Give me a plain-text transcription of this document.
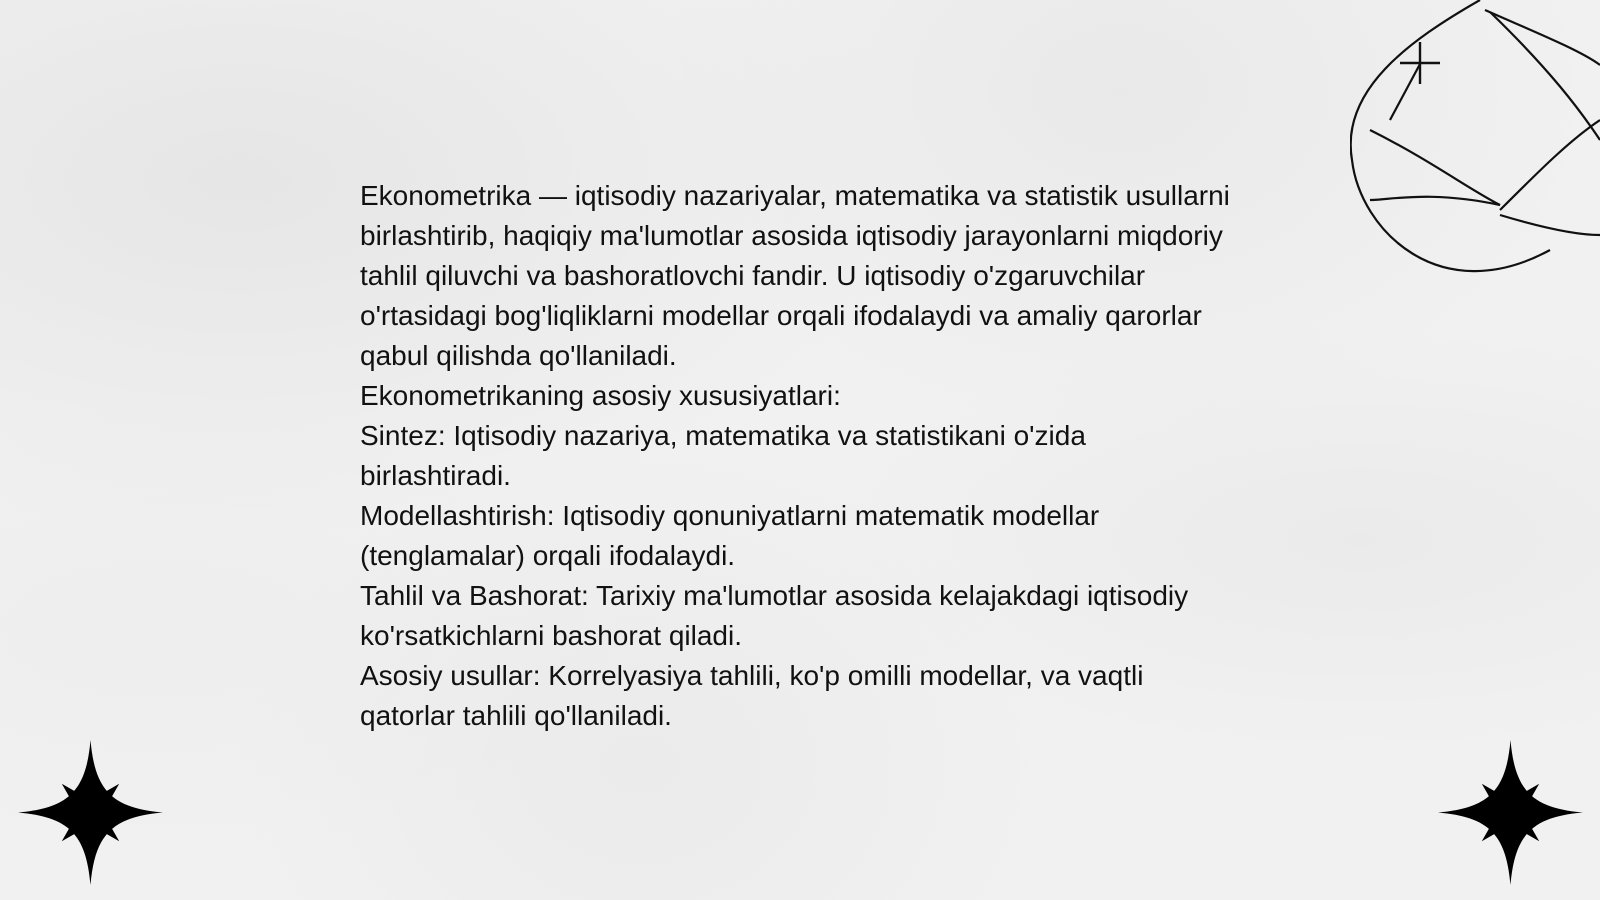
Ekonometrika — iqtisodiy nazariyalar, matematika va statistik usullarni birlashtirib, haqiqiy ma'lumotlar asosida iqtisodiy jarayonlarni miqdoriy tahlil qiluvchi va bashoratlovchi fandir. U iqtisodiy o'zgaruvchilar o'rtasidagi bog'liqliklarni modellar orqali ifodalaydi va amaliy qarorlar qabul qilishda qo'llaniladi.

Ekonometrikaning asosiy xususiyatlari:

Sintez: Iqtisodiy nazariya, matematika va statistikani o'zida birlashtiradi.

Modellashtirish: Iqtisodiy qonuniyatlarni matematik modellar (tenglamalar) orqali ifodalaydi.

Tahlil va Bashorat: Tarixiy ma'lumotlar asosida kelajakdagi iqtisodiy ko'rsatkichlarni bashorat qiladi.

Asosiy usullar: Korrelyasiya tahlili, ko'p omilli modellar, va vaqtli qatorlar tahlili qo'llaniladi.
